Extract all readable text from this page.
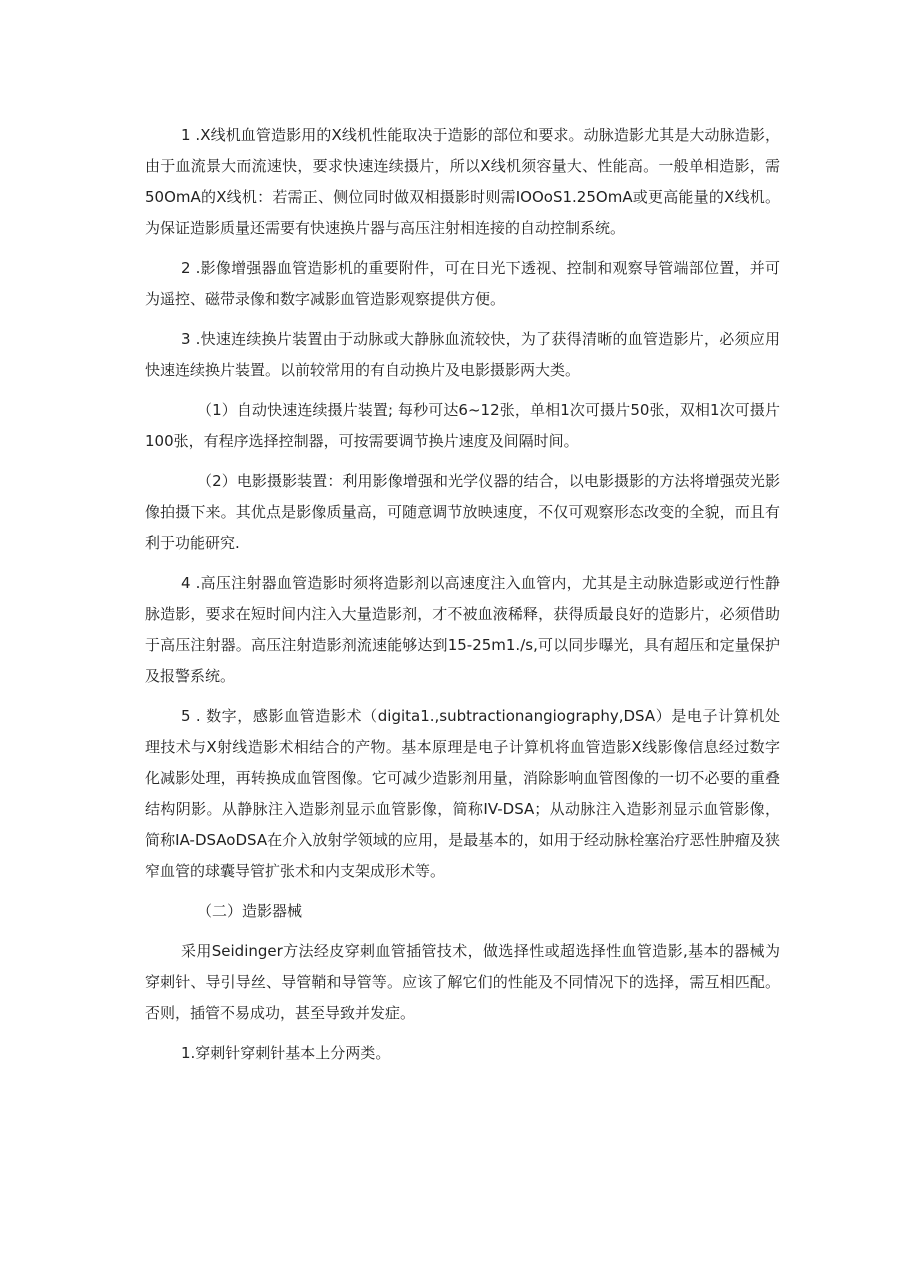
1 .X线机血管造影用的X线机性能取决于造影的部位和要求。动脉造影尤其是大动脉造影，由于血流景大而流速快，要求快速连续摄片，所以X线机须容量大、性能高。一般单相造影，需50OmA的X线机：若需正、侧位同时做双相摄影时则需IOOoS1.25OmA或更高能量的X线机。为保证造影质量还需要有快速换片器与高压注射相连接的自动控制系统。

2 .影像增强器血管造影机的重要附件，可在日光下透视、控制和观察导管端部位置，并可为遥控、磁带录像和数字减影血管造影观察提供方便。

3 .快速连续换片装置由于动脉或大静脉血流较快，为了获得清晰的血管造影片，必须应用快速连续换片装置。以前较常用的有自动换片及电影摄影两大类。

（1）自动快速连续摄片装置; 每秒可达6~12张，单相1次可摄片50张，双相1次可摄片100张，有程序选择控制器，可按需要调节换片速度及间隔时间。

（2）电影摄影装置：利用影像增强和光学仪器的结合，以电影摄影的方法将增强荧光影像拍摄下来。其优点是影像质量高，可随意调节放映速度，不仅可观察形态改变的全貌，而且有利于功能研究.

4 .高压注射器血管造影时须将造影剂以高速度注入血管内，尤其是主动脉造影或逆行性静脉造影，要求在短时间内注入大量造影剂，才不被血液稀释，获得质最良好的造影片，必须借助于高压注射器。高压注射造影剂流速能够达到15-25m1.∕s,可以同步曝光，具有超压和定量保护及报警系统。

5 . 数字，感影血管造影术（digita1.,subtractionangiography,DSA）是电子计算机处理技术与X射线造影术相结合的产物。基本原理是电子计算机将血管造影X线影像信息经过数字化减影处理，再转换成血管图像。它可减少造影剂用量，消除影响血管图像的一切不必要的重叠结构阴影。从静脉注入造影剂显示血管影像，简称IV-DSA；从动脉注入造影剂显示血管影像，简称IA-DSAoDSA在介入放射学领域的应用，是最基本的，如用于经动脉栓塞治疗恶性肿瘤及狭窄血管的球囊导管扩张术和内支架成形术等。

（二）造影器械

采用Seidinger方法经皮穿刺血管插管技术，做选择性或超选择性血管造影,基本的器械为穿刺针、导引导丝、导管鞘和导管等。应该了解它们的性能及不同情况下的选择，需互相匹配。否则，插管不易成功，甚至导致并发症。

1.穿刺针穿刺针基本上分两类。
